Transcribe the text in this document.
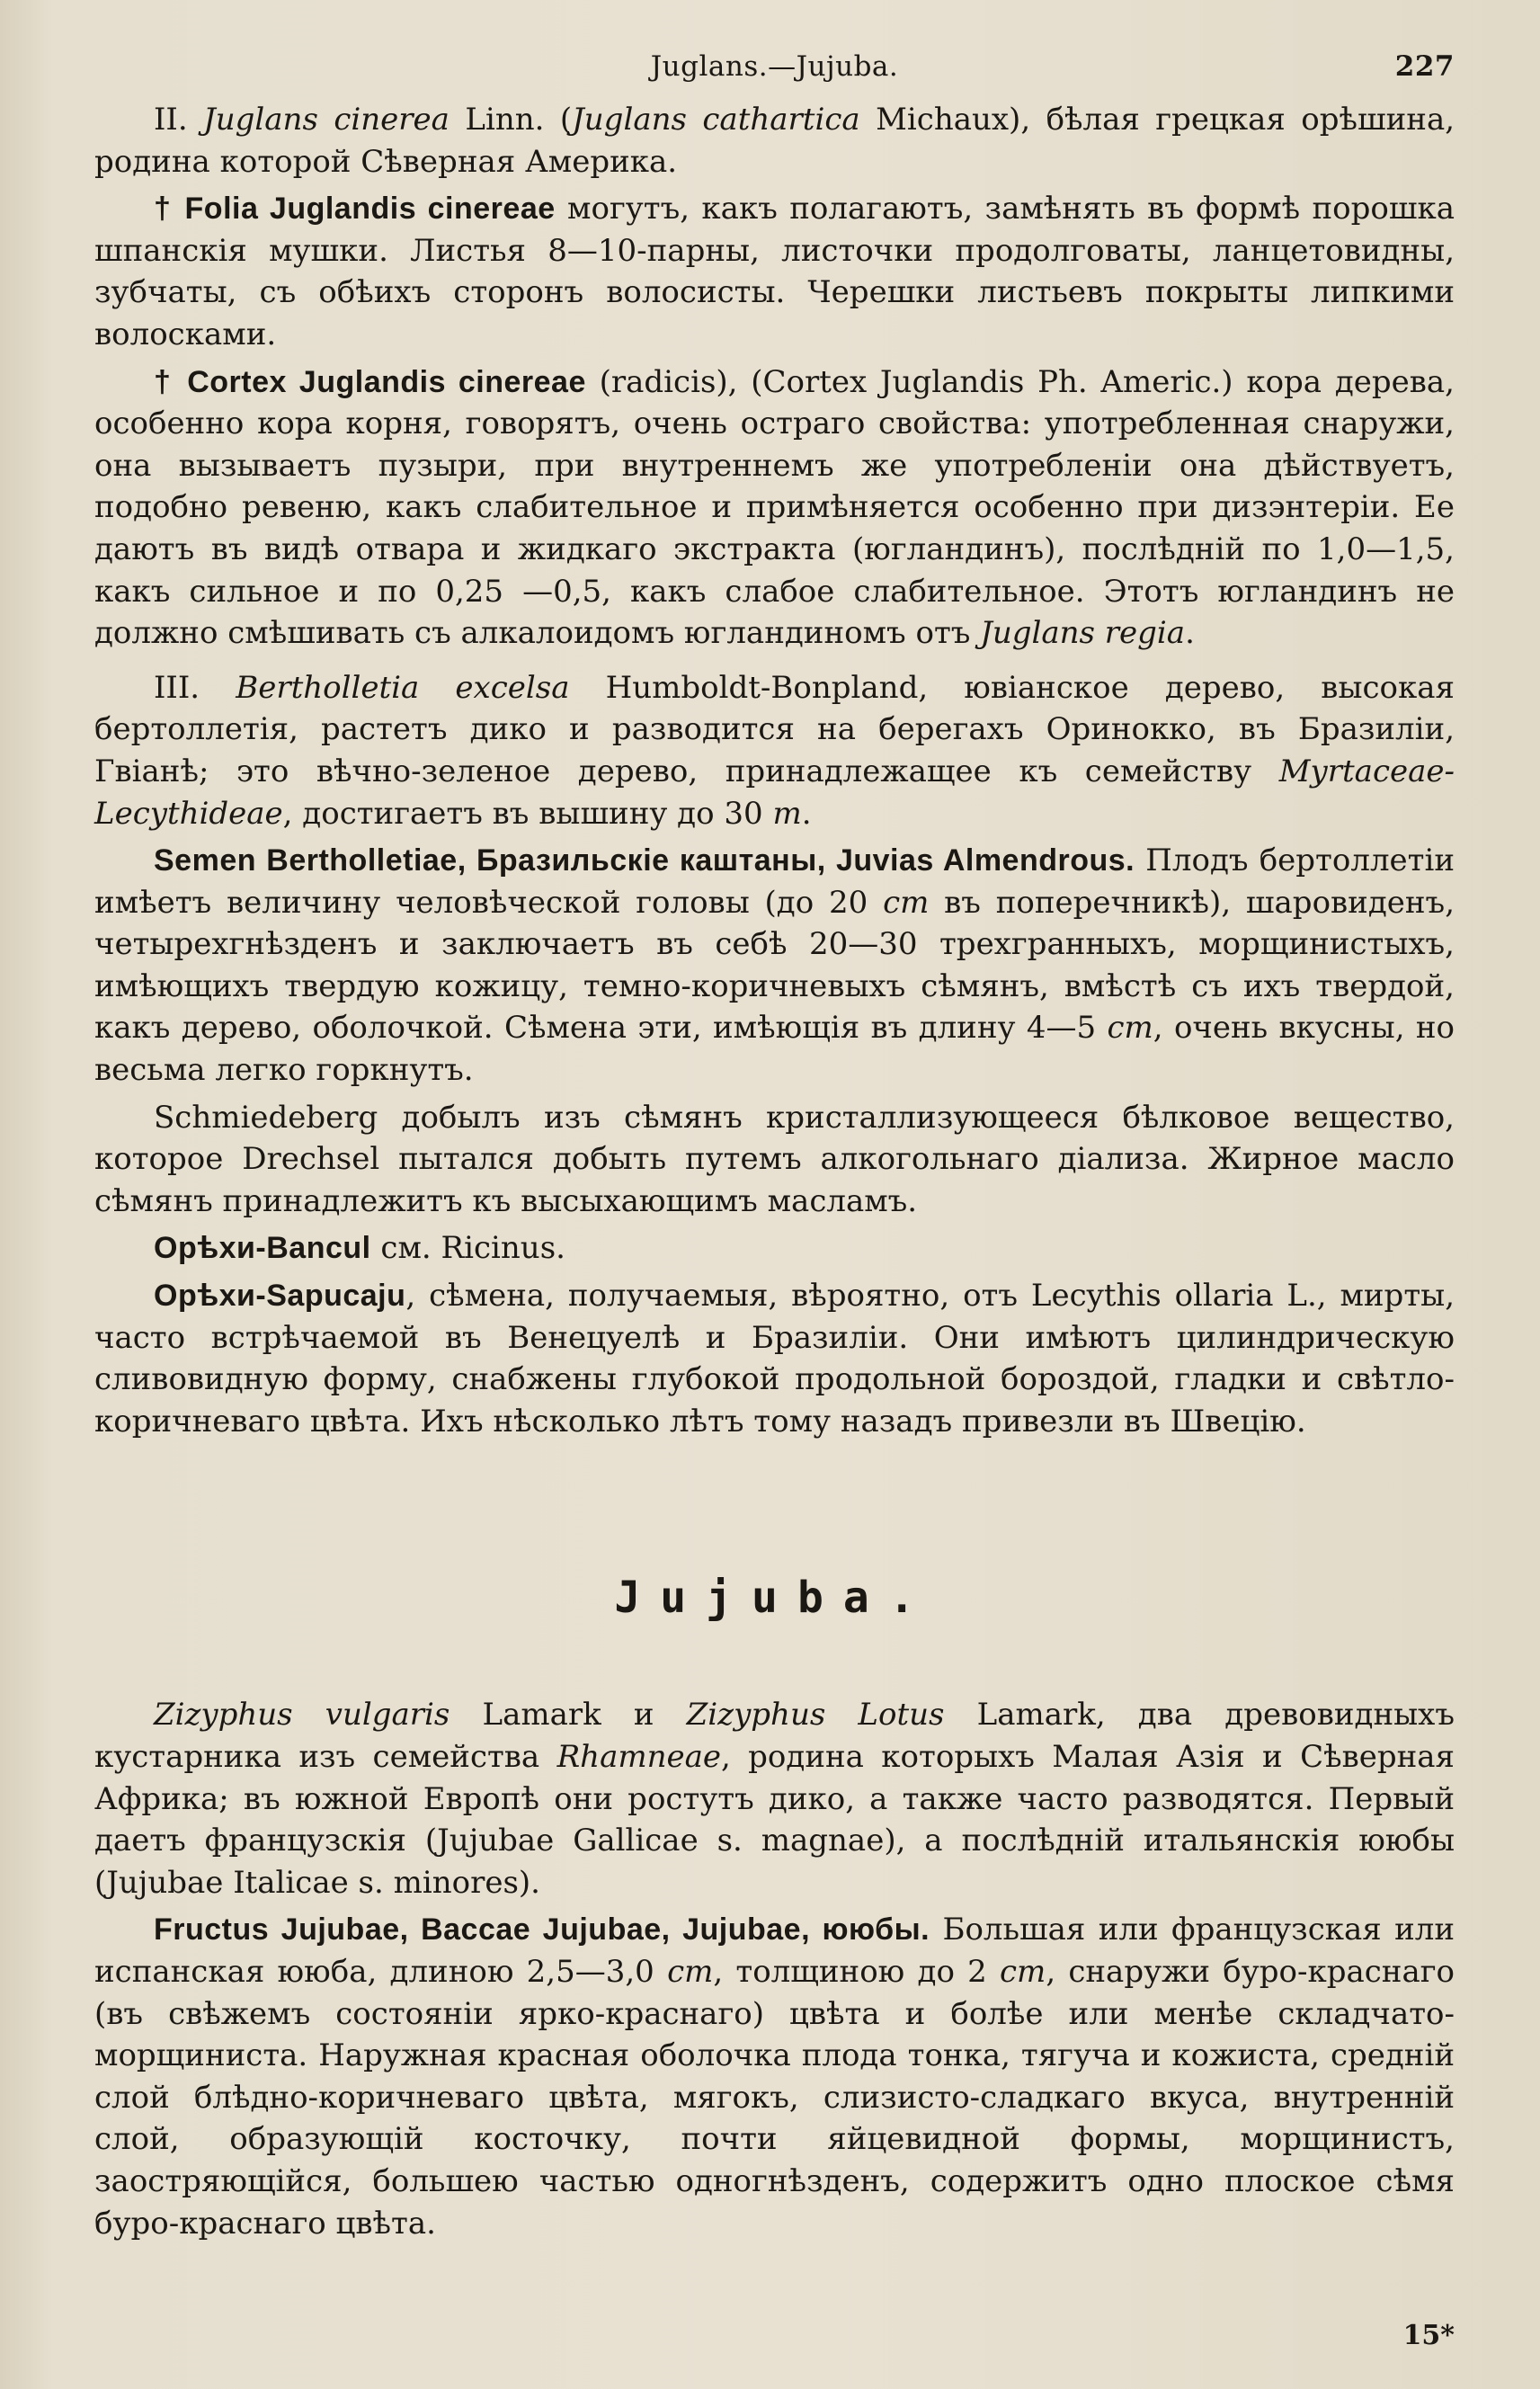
Juglans.—Jujuba.	227

II. Juglans cinerea Linn. (Juglans cathartica Michaux), бѣлая грецкая орѣшина, родина которой Сѣверная Америка.

† Folia Juglandis cinereae могутъ, какъ полагаютъ, замѣнять въ формѣ порошка шпанскія мушки. Листья 8—10-парны, листочки продолговаты, ланцетовидны, зубчаты, съ обѣихъ сторонъ волосисты. Черешки листьевъ покрыты липкими волосками.

† Cortex Juglandis cinereae (radicis), (Cortex Juglandis Ph. Americ.) кора дерева, особенно кора корня, говорятъ, очень остраго свойства: употребленная снаружи, она вызываетъ пузыри, при внутреннемъ же употребленіи она дѣйствуетъ, подобно ревеню, какъ слабительное и примѣняется особенно при дизэнтеріи. Ее даютъ въ видѣ отвара и жидкаго экстракта (югландинъ), послѣдній по 1,0—1,5, какъ сильное и по 0,25 —0,5, какъ слабое слабительное. Этотъ югландинъ не должно смѣшивать съ алкалоидомъ югландиномъ отъ Juglans regia.

III. Bertholletia excelsa Humboldt-Bonpland, ювіанское дерево, высокая бертоллетія, растетъ дико и разводится на берегахъ Оринокко, въ Бразиліи, Гвіанѣ; это вѣчно-зеленое дерево, принадлежащее къ семейству Myrtaceae-Lecythideae, достигаетъ въ вышину до 30 m.

Semen Bertholletiae, Бразильскіе каштаны, Juvias Almendrous. Плодъ бертоллетіи имѣетъ величину человѣческой головы (до 20 cm въ поперечникѣ), шаровиденъ, четырехгнѣзденъ и заключаетъ въ себѣ 20—30 трехгранныхъ, морщинистыхъ, имѣющихъ твердую кожицу, темно-коричневыхъ сѣмянъ, вмѣстѣ съ ихъ твердой, какъ дерево, оболочкой. Сѣмена эти, имѣющія въ длину 4—5 cm, очень вкусны, но весьма легко горкнутъ.

Schmiedeberg добылъ изъ сѣмянъ кристаллизующееся бѣлковое вещество, которое Drechsel пытался добыть путемъ алкогольнаго діализа. Жирное масло сѣмянъ принадлежитъ къ высыхающимъ масламъ.

Орѣхи-Bancul см. Ricinus.

Орѣхи-Sapucaju, сѣмена, получаемыя, вѣроятно, отъ Lecythis ollaria L., мирты, часто встрѣчаемой въ Венецуелѣ и Бразиліи. Они имѣютъ цилиндрическую сливовидную форму, снабжены глубокой продольной бороздой, гладки и свѣтло-коричневаго цвѣта. Ихъ нѣсколько лѣтъ тому назадъ привезли въ Швецію.

Jujuba.

Zizyphus vulgaris Lamark и Zizyphus Lotus Lamark, два древовидныхъ кустарника изъ семейства Rhamneae, родина которыхъ Малая Азія и Сѣверная Африка; въ южной Европѣ они ростутъ дико, а также часто разводятся. Первый даетъ французскія (Jujubae Gallicae s. magnae), а послѣдній итальянскія ююбы (Jujubae Italicae s. minores).

Fructus Jujubae, Baccae Jujubae, Jujubae, ююбы. Большая или французская или испанская ююба, длиною 2,5—3,0 cm, толщиною до 2 cm, снаружи буро-краснаго (въ свѣжемъ состояніи ярко-краснаго) цвѣта и болѣе или менѣе складчато-морщиниста. Наружная красная оболочка плода тонка, тягуча и кожиста, средній слой блѣдно-коричневаго цвѣта, мягокъ, слизисто-сладкаго вкуса, внутренній слой, образующій косточку, почти яйцевидной формы, морщинистъ, заостряющійся, большею частью одногнѣзденъ, содержитъ одно плоское сѣмя буро-краснаго цвѣта.

15*
